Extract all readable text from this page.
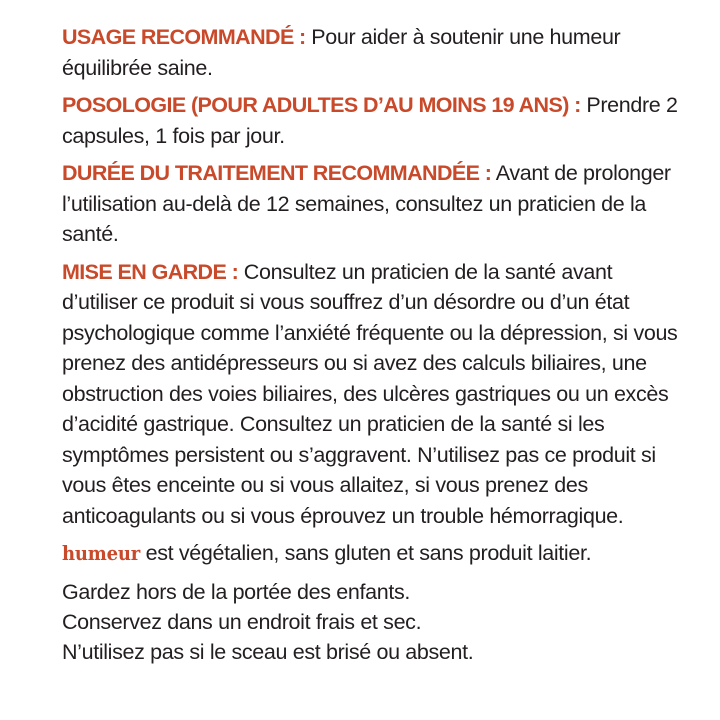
USAGE RECOMMANDÉ : Pour aider à soutenir une humeur équilibrée saine.

POSOLOGIE (POUR ADULTES D’AU MOINS 19 ANS) : Prendre 2 capsules, 1 fois par jour.

DURÉE DU TRAITEMENT RECOMMANDÉE : Avant de prolonger l’utilisation au-delà de 12 semaines, consultez un praticien de la santé.

MISE EN GARDE : Consultez un praticien de la santé avant d’utiliser ce produit si vous souffrez d’un désordre ou d’un état psychologique comme l’anxiété fréquente ou la dépression, si vous prenez des antidépresseurs ou si avez des calculs biliaires, une obstruction des voies biliaires, des ulcères gastriques ou un excès d’acidité gastrique. Consultez un praticien de la santé si les symptômes persistent ou s’aggravent. N’utilisez pas ce produit si vous êtes enceinte ou si vous allaitez, si vous prenez des anticoagulants ou si vous éprouvez un trouble hémorragique.

humeur est végétalien, sans gluten et sans produit laitier.

Gardez hors de la portée des enfants.

Conservez dans un endroit frais et sec.

N’utilisez pas si le sceau est brisé ou absent.
